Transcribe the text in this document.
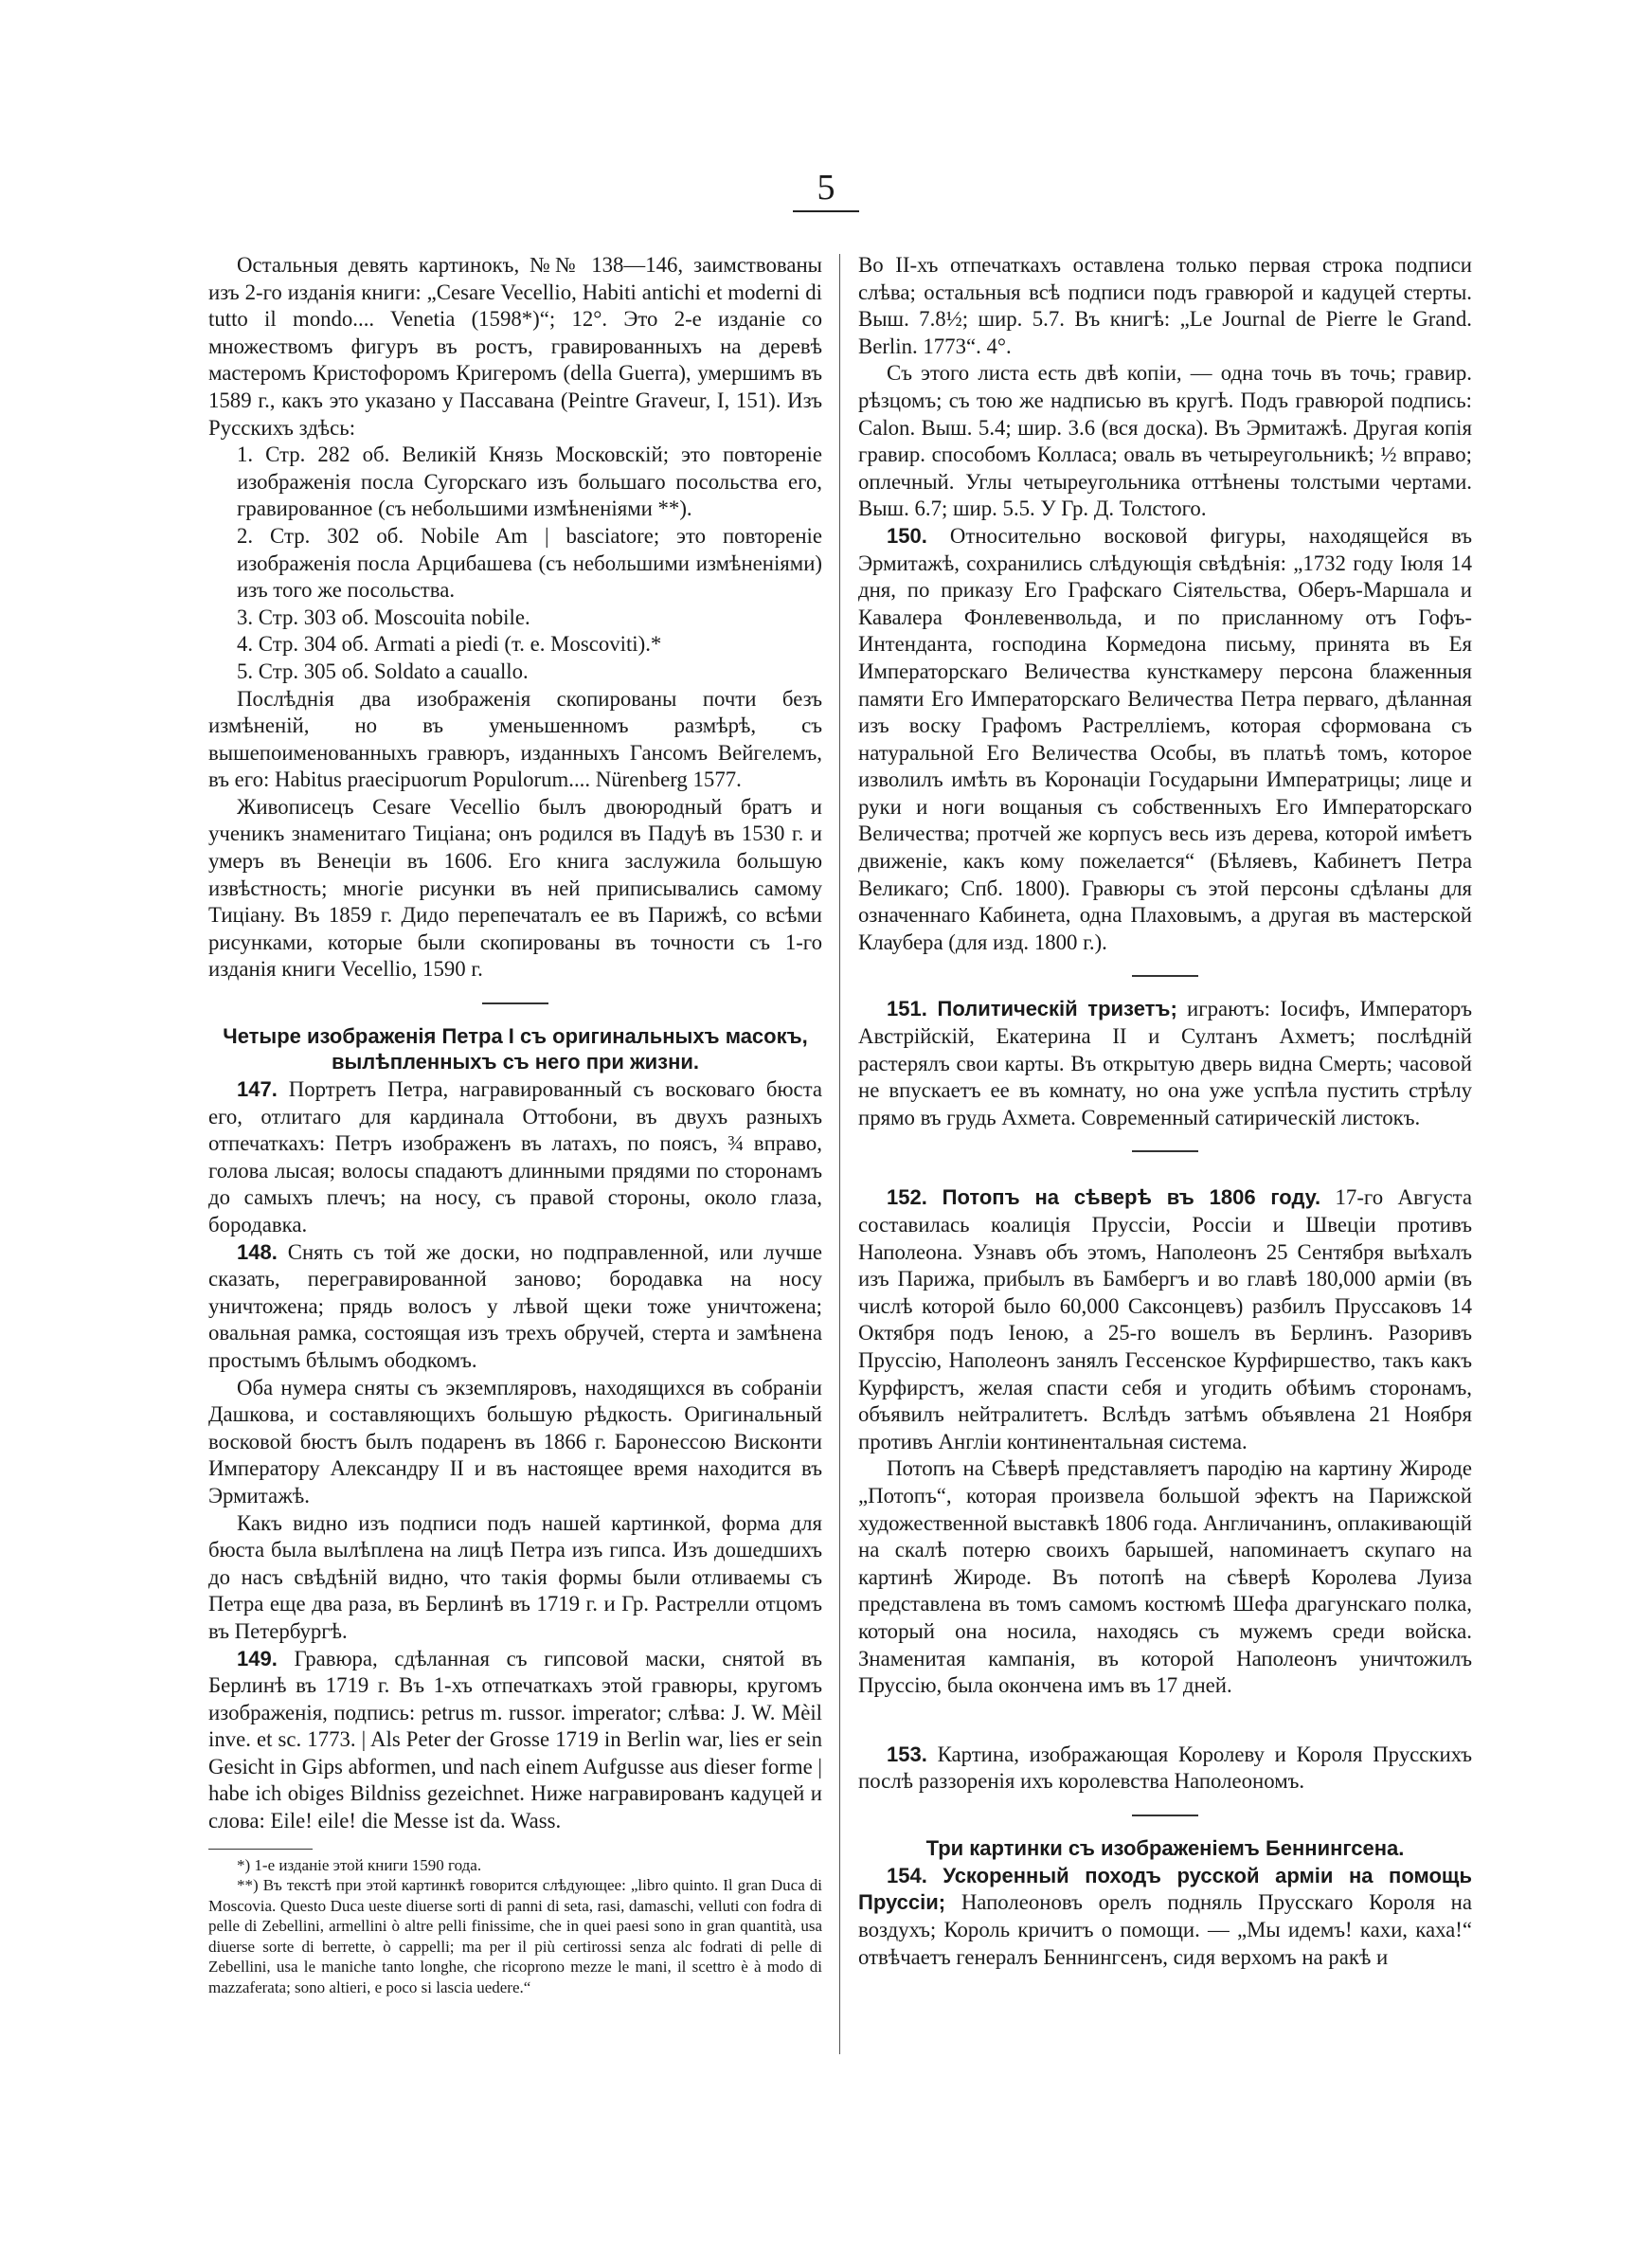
5

Остальныя девять картинокъ, №№ 138—146, заимствованы изъ 2-го изданія книги: „Cesare Vecellio, Habiti antichi et moderni di tutto il mondo.... Venetia (1598*)“; 12°. Это 2-е изданіе со множествомъ фигуръ въ ростъ, гравированныхъ на деревѣ мастеромъ Кристофоромъ Кригеромъ (della Guerra), умершимъ въ 1589 г., какъ это указано у Пассавана (Peintre Graveur, I, 151). Изъ Русскихъ здѣсь:

1. Стр. 282 об. Великій Князь Московскій; это повтореніе изображенія посла Сугорскаго изъ большаго посольства его, гравированное (съ небольшими измѣненіями **).

2. Стр. 302 об. Nobile Am | basciatore; это повтореніе изображенія посла Арцибашева (съ небольшими измѣненіями) изъ того же посольства.

3. Стр. 303 об. Moscouita nobile.

4. Стр. 304 об. Armati a piedi (т. е. Moscoviti).*

5. Стр. 305 об. Soldato a cauallo.

Послѣднія два изображенія скопированы почти безъ измѣненій, но въ уменьшенномъ размѣрѣ, съ вышепоименованныхъ гравюръ, изданныхъ Гансомъ Вейгелемъ, въ его: Habitus praecipuorum Populorum.... Nürenberg 1577.

Живописецъ Cesare Vecellio былъ двоюродный братъ и ученикъ знаменитаго Тиціана; онъ родился въ Падуѣ въ 1530 г. и умеръ въ Венеціи въ 1606. Его книга заслужила большую извѣстность; многіе рисунки въ ней приписывались самому Тиціану. Въ 1859 г. Дидо перепечаталъ ее въ Парижѣ, со всѣми рисунками, которые были скопированы въ точности съ 1-го изданія книги Vecellio, 1590 г.

Четыре изображенія Петра I съ оригинальныхъ масокъ, вылѣпленныхъ съ него при жизни.

147. Портретъ Петра, награвированный съ восковаго бюста его, отлитаго для кардинала Оттобони, въ двухъ разныхъ отпечаткахъ: Петръ изображенъ въ латахъ, по поясъ, ¾ вправо, голова лысая; волосы спадаютъ длинными прядями по сторонамъ до самыхъ плечъ; на носу, съ правой стороны, около глаза, бородавка.

148. Снять съ той же доски, но подправленной, или лучше сказать, перегравированной заново; бородавка на носу уничтожена; прядь волосъ у лѣвой щеки тоже уничтожена; овальная рамка, состоящая изъ трехъ обручей, стерта и замѣнена простымъ бѣлымъ ободкомъ.

Оба нумера сняты съ экземпляровъ, находящихся въ собраніи Дашкова, и составляющихъ большую рѣдкость. Оригинальный восковой бюстъ былъ подаренъ въ 1866 г. Баронессою Висконти Императору Александру II и въ настоящее время находится въ Эрмитажѣ.

Какъ видно изъ подписи подъ нашей картинкой, форма для бюста была вылѣплена на лицѣ Петра изъ гипса. Изъ дошедшихъ до насъ свѣдѣній видно, что такія формы были отливаемы съ Петра еще два раза, въ Берлинѣ въ 1719 г. и Гр. Растрелли отцомъ въ Петербургѣ.

149. Гравюра, сдѣланная съ гипсовой маски, снятой въ Берлинѣ въ 1719 г. Въ 1-хъ отпечаткахъ этой гравюры, кругомъ изображенія, подпись: petrus m. russor. imperator; слѣва: J. W. Mèil inve. et sc. 1773. | Als Peter der Grosse 1719 in Berlin war, lies er sein Gesicht in Gips abformen, und nach einem Aufgusse aus dieser forme | habe ich obiges Bildniss gezeichnet. Ниже награвированъ кадуцей и слова: Eile! eile! die Messe ist da. Wass.

*) 1-е изданіе этой книги 1590 года.

**) Въ текстѣ при этой картинкѣ говорится слѣдующее: „libro quinto. Il gran Duca di Moscovia. Questo Duca ueste diuerse sorti di panni di seta, rasi, damaschi, velluti con fodra di pelle di Zebellini, armellini ò altre pelli finissime, che in quei paesi sono in gran quantità, usa diuerse sorte di berrette, ò cappelli; ma per il più certirossi senza alc fodrati di pelle di Zebellini, usa le maniche tanto longhe, che ricoprono mezze le mani, il scettro è à modo di mazzaferata; sono altieri, e poco si lascia uedere.“

Во II-хъ отпечаткахъ оставлена только первая строка подписи слѣва; остальныя всѣ подписи подъ гравюрой и кадуцей стерты. Выш. 7.8½; шир. 5.7. Въ книгѣ: „Le Journal de Pierre le Grand. Berlin. 1773“. 4°.

Съ этого листа есть двѣ копіи, — одна точь въ точь; гравир. рѣзцомъ; съ тою же надписью въ кругѣ. Подъ гравюрой подпись: Calon. Выш. 5.4; шир. 3.6 (вся доска). Въ Эрмитажѣ. Другая копія гравир. способомъ Колласа; оваль въ четыреугольникѣ; ½ вправо; оплечный. Углы четыреугольника оттѣнены толстыми чертами. Выш. 6.7; шир. 5.5. У Гр. Д. Толстого.

150. Относительно восковой фигуры, находящейся въ Эрмитажѣ, сохранились слѣдующія свѣдѣнія: „1732 году Іюля 14 дня, по приказу Его Графскаго Сіятельства, Оберъ-Маршала и Кавалера Фонлевенвольда, и по присланному отъ Гофъ-Интенданта, господина Кормедона письму, принята въ Ея Императорскаго Величества кунсткамеру персона блаженныя памяти Его Императорскаго Величества Петра перваго, дѣланная изъ воску Графомъ Растрелліемъ, которая сформована съ натуральной Его Величества Особы, въ платьѣ томъ, которое изволилъ имѣть въ Коронаціи Государыни Императрицы; лице и руки и ноги вощаныя съ собственныхъ Его Императорскаго Величества; протчей же корпусъ весь изъ дерева, которой имѣетъ движеніе, какъ кому пожелается“ (Бѣляевъ, Кабинетъ Петра Великаго; Спб. 1800). Гравюры съ этой персоны сдѣланы для означеннаго Кабинета, одна Плаховымъ, а другая въ мастерской Клаубера (для изд. 1800 г.).

151. Политическій тризетъ; играютъ: Іосифъ, Императоръ Австрійскій, Екатерина II и Султанъ Ахметъ; послѣдній растерялъ свои карты. Въ открытую дверь видна Смерть; часовой не впускаетъ ее въ комнату, но она уже успѣла пустить стрѣлу прямо въ грудь Ахмета. Современный сатирическій листокъ.

152. Потопъ на сѣверѣ въ 1806 году. 17-го Августа составилась коалиція Пруссіи, Россіи и Швеціи противъ Наполеона. Узнавъ объ этомъ, Наполеонъ 25 Сентября выѣхалъ изъ Парижа, прибылъ въ Бамбергъ и во главѣ 180,000 арміи (въ числѣ которой было 60,000 Саксонцевъ) разбилъ Пруссаковъ 14 Октября подъ Іеною, а 25-го вошелъ въ Берлинъ. Разоривъ Пруссію, Наполеонъ занялъ Гессенское Курфиршество, такъ какъ Курфирстъ, желая спасти себя и угодить обѣимъ сторонамъ, объявилъ нейтралитетъ. Вслѣдъ затѣмъ объявлена 21 Ноября противъ Англіи континентальная система.

Потопъ на Сѣверѣ представляетъ пародію на картину Жироде „Потопъ“, которая произвела большой эфектъ на Парижской художественной выставкѣ 1806 года. Англичанинъ, оплакивающій на скалѣ потерю своихъ барышей, напоминаетъ скупаго на картинѣ Жироде. Въ потопѣ на сѣверѣ Королева Луиза представлена въ томъ самомъ костюмѣ Шефа драгунскаго полка, который она носила, находясь съ мужемъ среди войска. Знаменитая кампанія, въ которой Наполеонъ уничтожилъ Пруссію, была окончена имъ въ 17 дней.

153. Картина, изображающая Королеву и Короля Прусскихъ послѣ раззоренія ихъ королевства Наполеономъ.

Три картинки съ изображеніемъ Беннингсена.

154. Ускоренный походъ русской арміи на помощь Пруссіи; Наполеоновъ орелъ подняль Прусскаго Короля на воздухъ; Король кричитъ о помощи. — „Мы идемъ! кахи, каха!“ отвѣчаетъ генералъ Беннингсенъ, сидя верхомъ на ракѣ и
